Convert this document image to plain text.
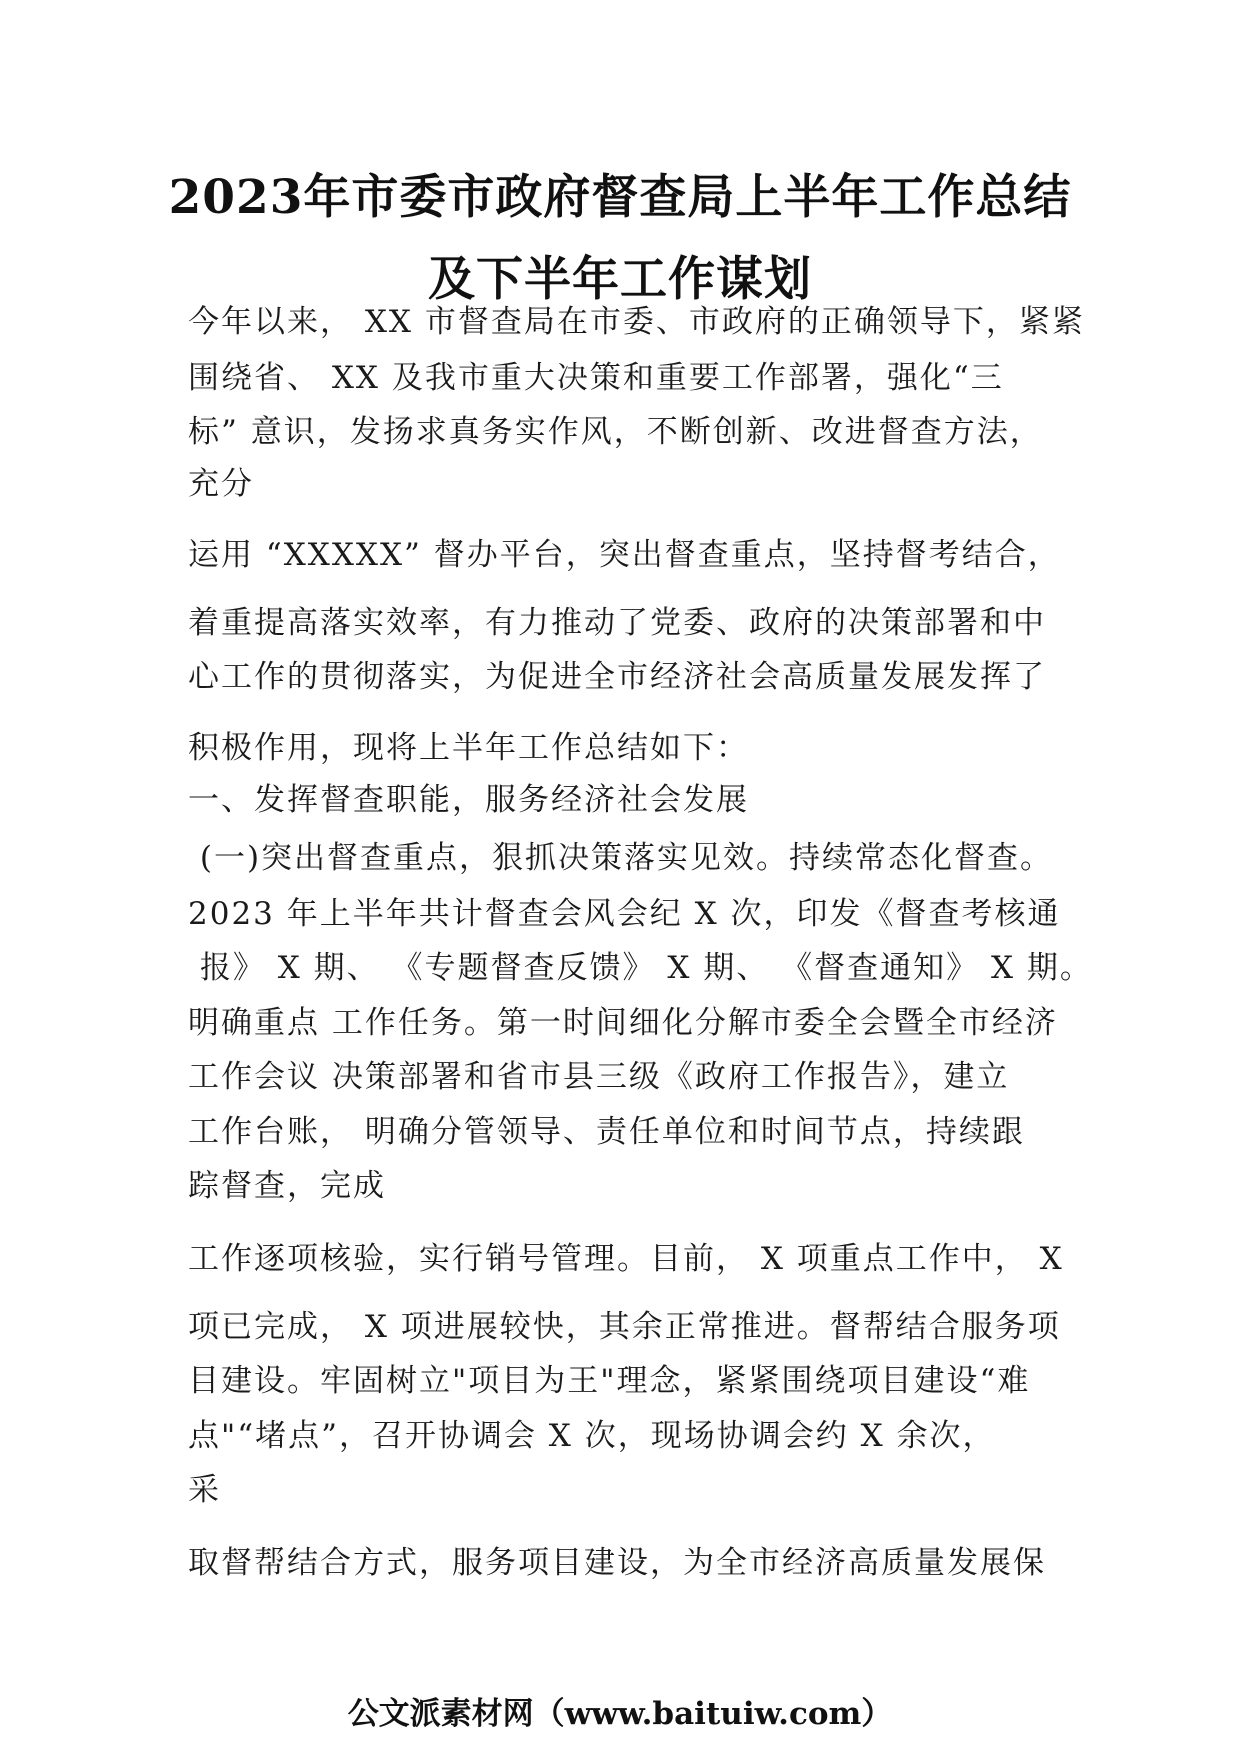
2023年市委市政府督查局上半年工作总结
及下半年工作谋划
今年以来， XX 市督查局在市委、市政府的正确领导下，紧紧
围绕省、 XX 及我市重大决策和重要工作部署，强化“三
标” 意识，发扬求真务实作风，不断创新、改进督查方法，
充分
运用 “XXXXX” 督办平台，突出督查重点，坚持督考结合，
着重提高落实效率，有力推动了党委、政府的决策部署和中
心工作的贯彻落实，为促进全市经济社会高质量发展发挥了
积极作用，现将上半年工作总结如下：
一、发挥督查职能，服务经济社会发展
(一)突出督查重点，狠抓决策落实见效。持续常态化督查。
2023 年上半年共计督查会风会纪 X 次，印发《督查考核通
报》 X 期、 《专题督查反馈》 X 期、 《督查通知》 X 期。
明确重点 工作任务。第一时间细化分解市委全会暨全市经济
工作会议 决策部署和省市县三级《政府工作报告》，建立
工作台账， 明确分管领导、责任单位和时间节点，持续跟
踪督查，完成
工作逐项核验，实行销号管理。目前， X 项重点工作中， X
项已完成， X 项进展较快，其余正常推进。督帮结合服务项
目建设。牢固树立"项目为王"理念，紧紧围绕项目建设“难
点"“堵点”，召开协调会 X 次，现场协调会约 X 余次，
采
取督帮结合方式，服务项目建设，为全市经济高质量发展保
公文派素材网（www.baituiw.com）
